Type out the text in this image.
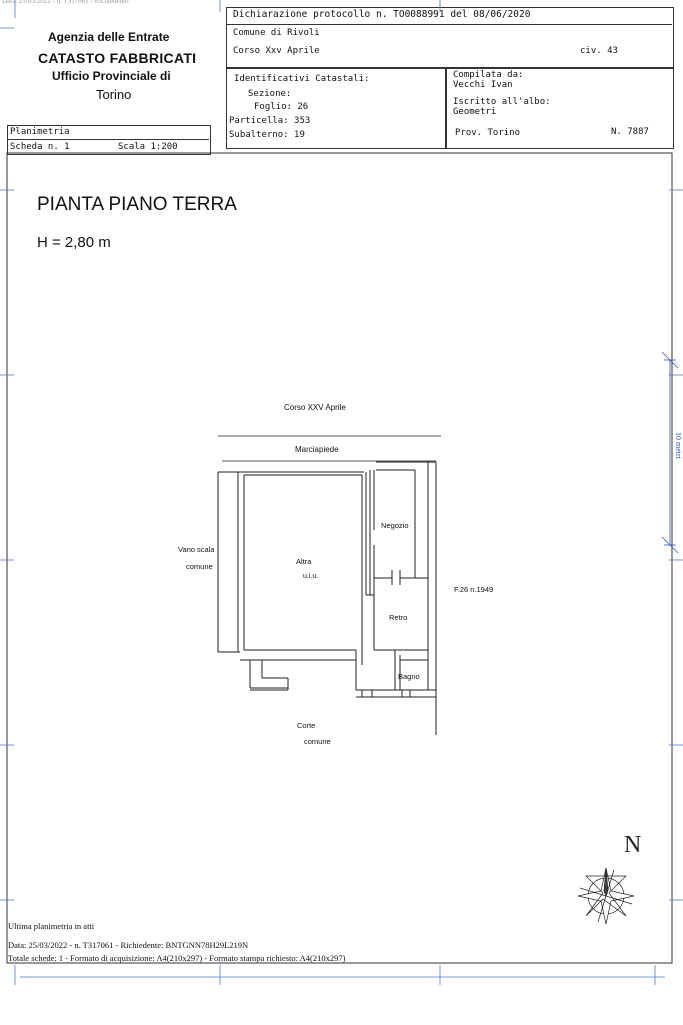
Data: 25/03/2022 - n. T317061 - Richiedente:
Agenzia delle Entrate
CATASTO FABBRICATI
Ufficio Provinciale di
Torino
Dichiarazione protocollo n. TO0088991 del 08/06/2020
Comune di Rivoli
Corso Xxv Aprile	civ. 43
Identificativi Catastali:
Sezione:
Foglio: 26
Particella: 353
Subalterno: 19
Compilata da:
Vecchi Ivan
Iscritto all'albo:
Geometri
Prov. Torino	N. 7887
Planimetria
Scheda n. 1	Scala 1:200
10 metri
N
PIANTA PIANO TERRA
H = 2,80 m
Corso XXV Aprile
Marciapiede
Vano scala
comune
Altra
u.i.u.
Negozio
Retro
Bagno
F.26 n.1949
Corte
comune
Ultima planimetria in atti
Data: 25/03/2022 - n. T317061 - Richiedente: BNTGNN78H29L219N
Totale schede: 1 - Formato di acquisizione: A4(210x297) - Formato stampa richiesto: A4(210x297)
